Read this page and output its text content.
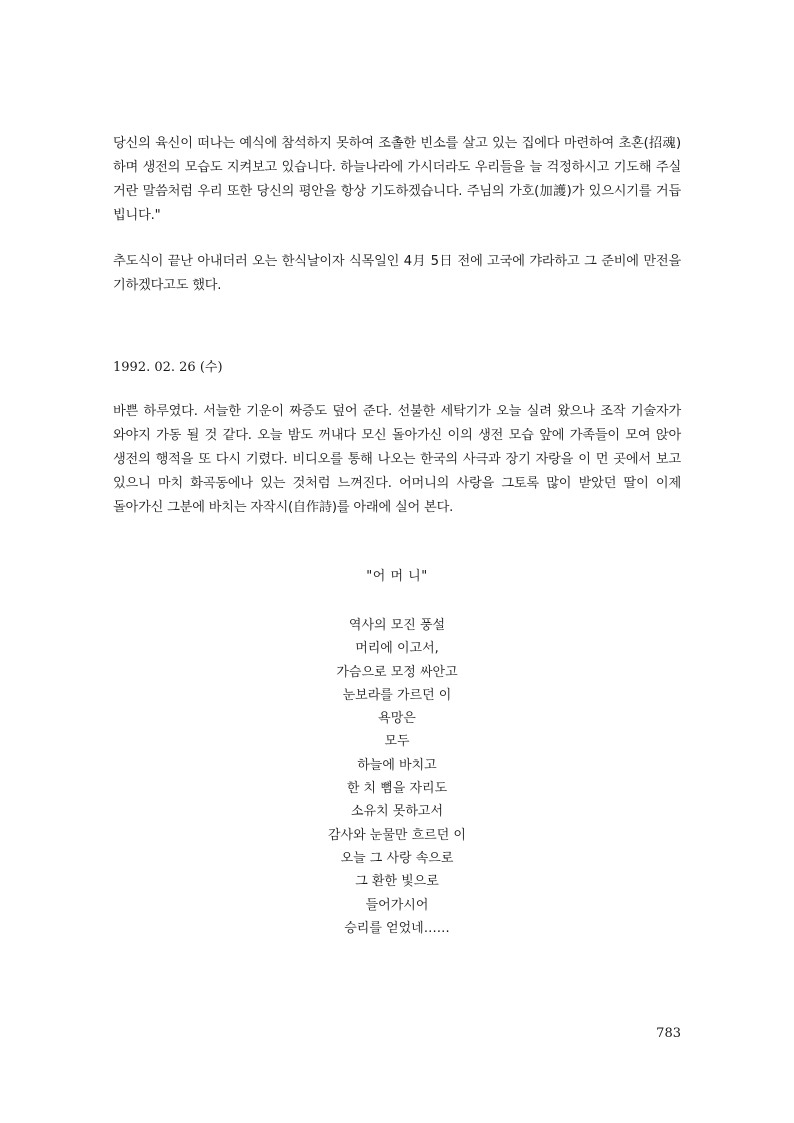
당신의 육신이 떠나는 예식에 참석하지 못하여 조촐한 빈소를 살고 있는 집에다 마련하여 초혼(招魂)하며 생전의 모습도 지켜보고 있습니다. 하늘나라에 가시더라도 우리들을 늘 걱정하시고 기도해 주실 거란 말씀처럼 우리 또한 당신의 평안을 항상 기도하겠습니다. 주님의 가호(加護)가 있으시기를 거듭 빕니다."

추도식이 끝난 아내더러 오는 한식날이자 식목일인 4月 5日 전에 고국에 갸라하고 그 준비에 만전을 기하겠다고도 했다.

1992. 02. 26 (수)

바쁜 하루였다. 서늘한 기운이 짜증도 덮어 준다. 선불한 세탁기가 오늘 실려 왔으나 조작 기술자가 와야지 가동 될 것 같다. 오늘 밤도 꺼내다 모신 돌아가신 이의 생전 모습 앞에 가족들이 모여 앉아 생전의 행적을 또 다시 기렸다. 비디오를 통해 나오는 한국의 사극과 장기 자랑을 이 먼 곳에서 보고 있으니 마치 화곡동에나 있는 것처럼 느껴진다. 어머니의 사랑을 그토록 많이 받았던 딸이 이제 돌아가신 그분에 바치는 자작시(自作詩)를 아래에 실어 본다.

"어 머 니"

역사의 모진 풍설
머리에 이고서,
가슴으로 모정 싸안고
눈보라를 가르던 이
욕망은
모두
하늘에 바치고
한 치 뼘을 자리도
소유치 못하고서
감사와 눈물만 흐르던 이
오늘 그 사랑 속으로
그 환한 빛으로
들어가시어
승리를 얻었네……
783
